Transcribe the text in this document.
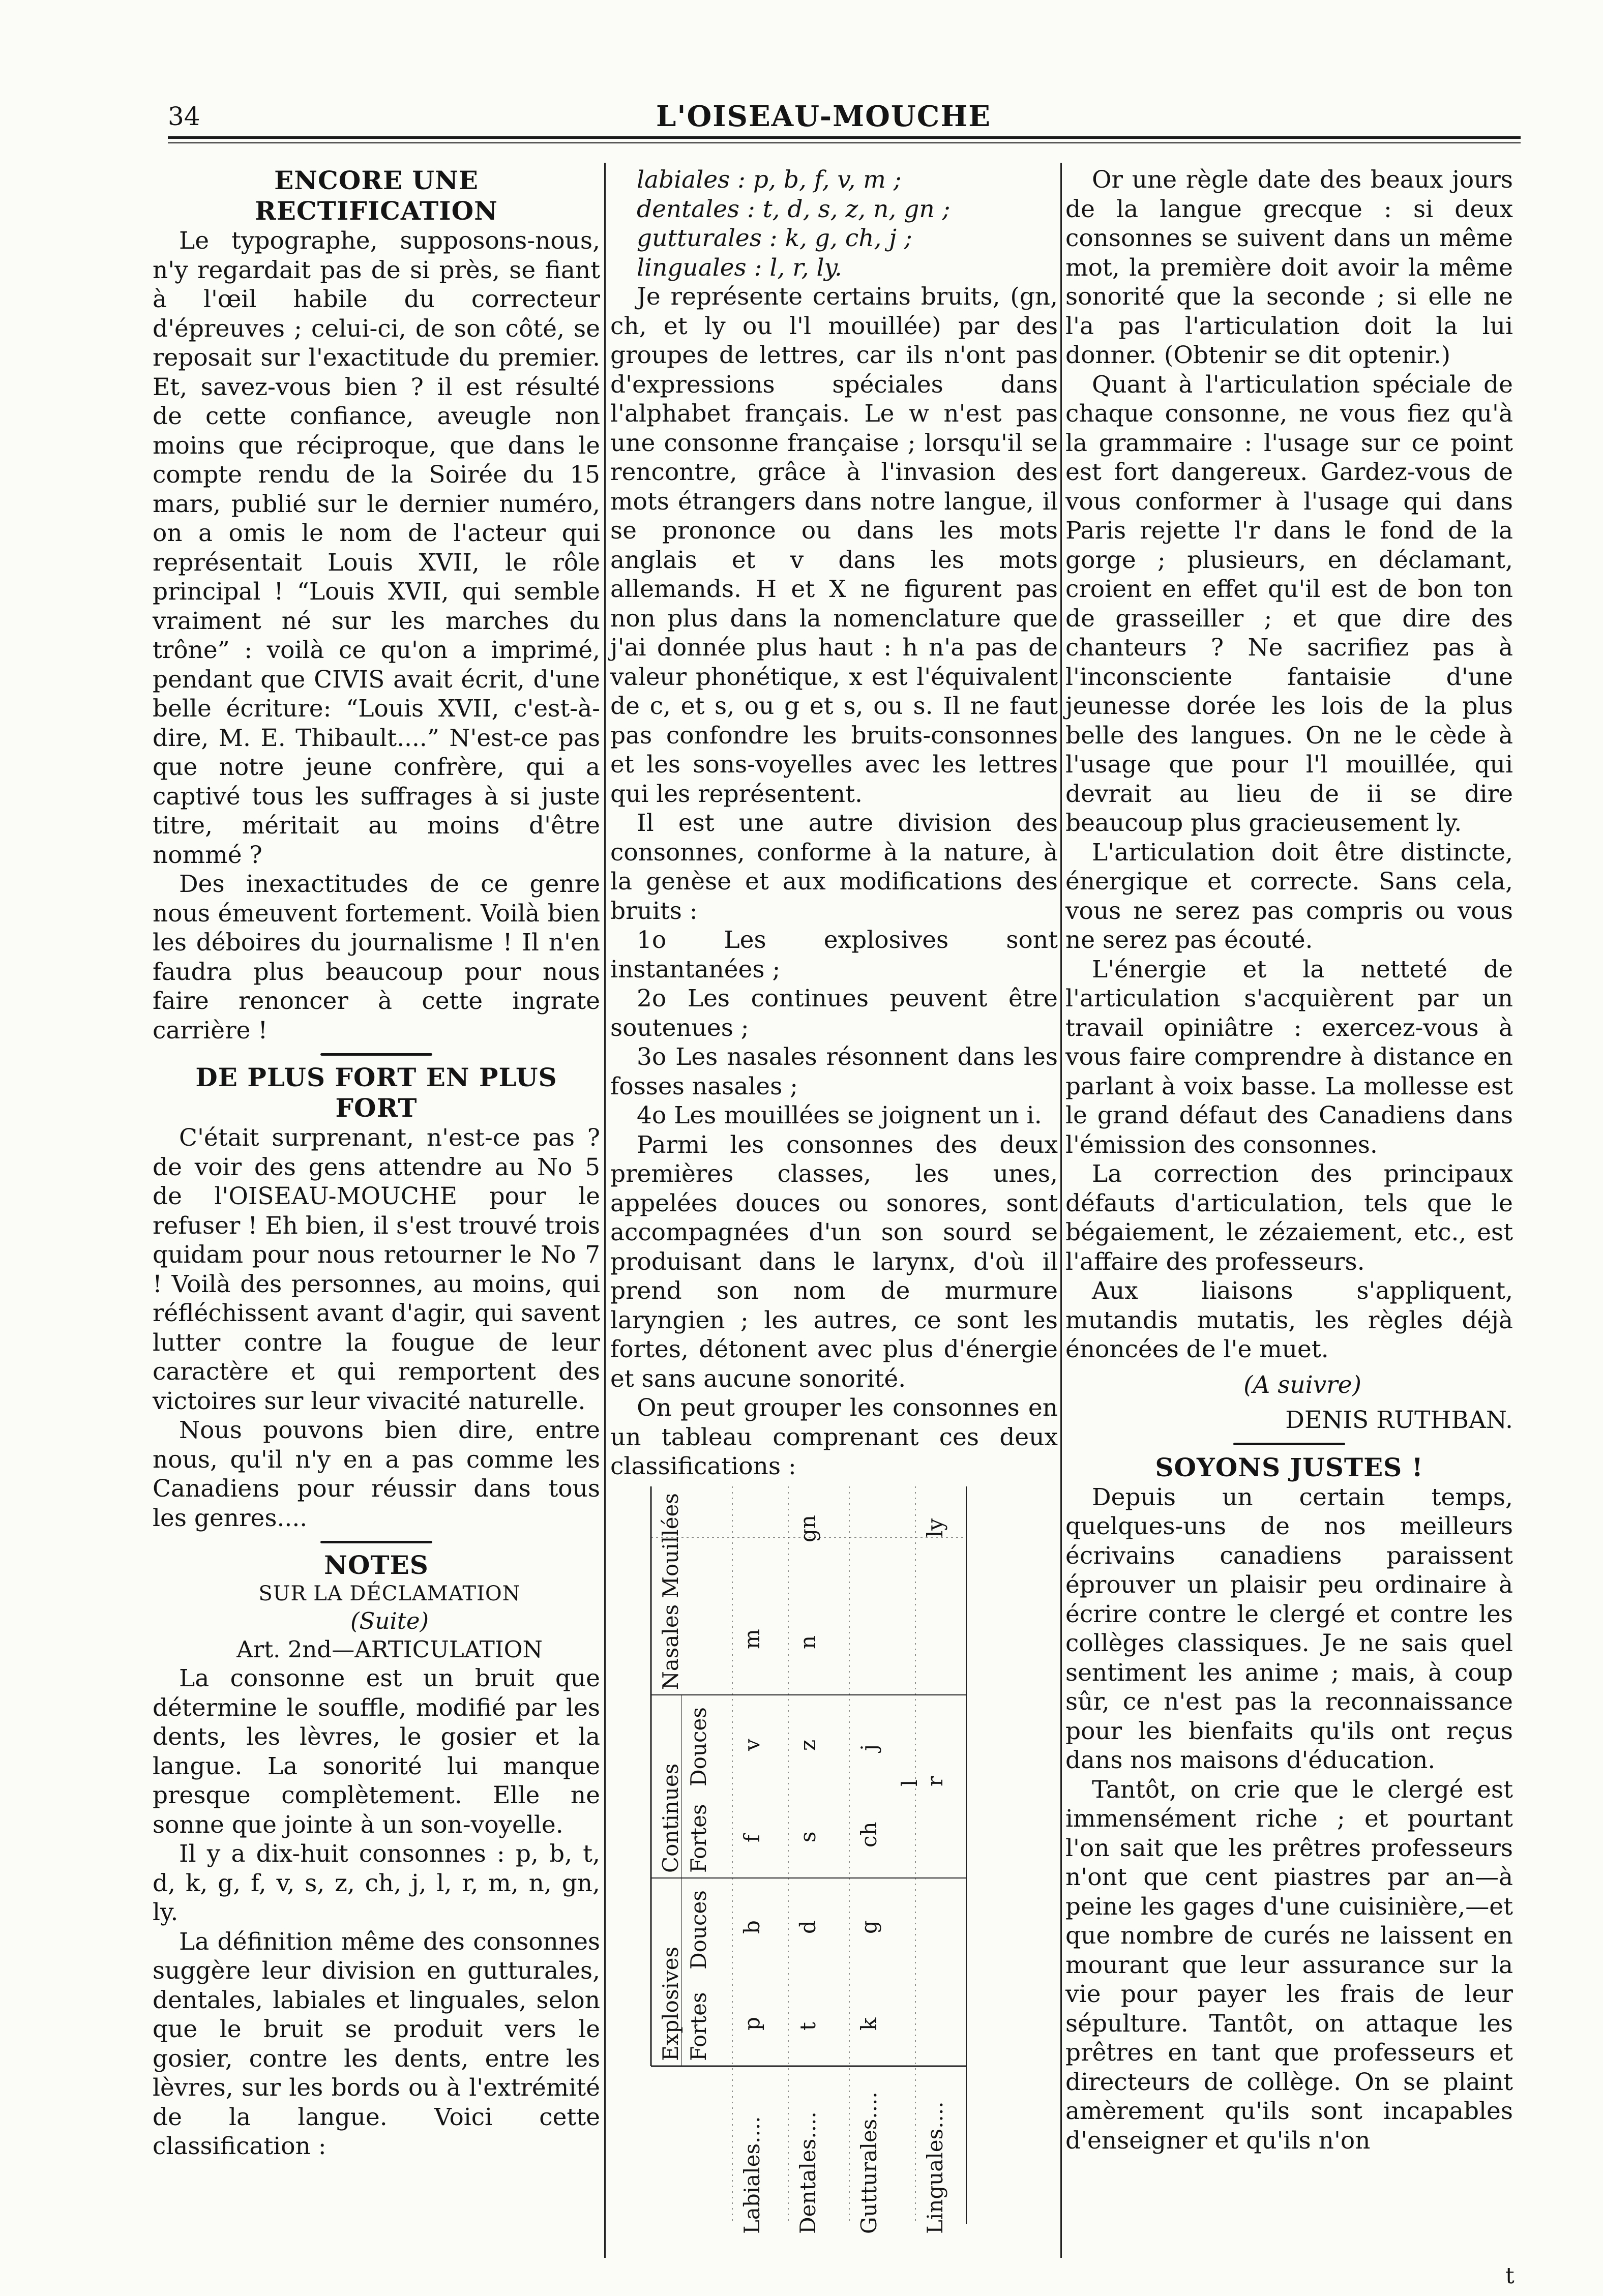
34	L'OISEAU-MOUCHE
ENCORE UNE RECTIFICATION

Le typographe, supposons-nous, n'y regardait pas de si près, se fiant à l'œil habile du correcteur d'épreuves ; celui-ci, de son côté, se reposait sur l'exactitude du premier. Et, savez-vous bien ? il est résulté de cette confiance, aveugle non moins que réciproque, que dans le compte rendu de la Soirée du 15 mars, publié sur le dernier numéro, on a omis le nom de l'acteur qui représentait Louis XVII, le rôle principal ! “Louis XVII, qui semble vraiment né sur les marches du trône” : voilà ce qu'on a imprimé, pendant que CIVIS avait écrit, d'une belle écriture: “Louis XVII, c'est-à-dire, M. E. Thibault....” N'est-ce pas que notre jeune confrère, qui a captivé tous les suffrages à si juste titre, méritait au moins d'être nommé ?

Des inexactitudes de ce genre nous émeuvent fortement. Voilà bien les déboires du journalisme ! Il n'en faudra plus beaucoup pour nous faire renoncer à cette ingrate carrière !

DE PLUS FORT EN PLUS FORT

C'était surprenant, n'est-ce pas ? de voir des gens attendre au No 5 de l'OISEAU-MOUCHE pour le refuser ! Eh bien, il s'est trouvé trois quidam pour nous retourner le No 7 ! Voilà des personnes, au moins, qui réfléchissent avant d'agir, qui savent lutter contre la fougue de leur caractère et qui remportent des victoires sur leur vivacité naturelle.

Nous pouvons bien dire, entre nous, qu'il n'y en a pas comme les Canadiens pour réussir dans tous les genres....

NOTES

SUR LA DÉCLAMATION

(Suite)

Art. 2nd—ARTICULATION

La consonne est un bruit que détermine le souffle, modifié par les dents, les lèvres, le gosier et la langue. La sonorité lui manque presque complètement. Elle ne sonne que jointe à un son-voyelle.

Il y a dix-huit consonnes : p, b, t, d, k, g, f, v, s, z, ch, j, l, r, m, n, gn, ly.

La définition même des consonnes suggère leur division en gutturales, dentales, labiales et linguales, selon que le bruit se produit vers le gosier, contre les dents, entre les lèvres, sur les bords ou à l'extrémité de la langue. Voici cette classification :

labiales : p, b, f, v, m ;

dentales : t, d, s, z, n, gn ;

gutturales : k, g, ch, j ;

linguales : l, r, ly.

Je représente certains bruits, (gn, ch, et ly ou l'l mouillée) par des groupes de lettres, car ils n'ont pas d'expressions spéciales dans l'alphabet français. Le w n'est pas une consonne française ; lorsqu'il se rencontre, grâce à l'invasion des mots étrangers dans notre langue, il se prononce ou dans les mots anglais et v dans les mots allemands. H et X ne figurent pas non plus dans la nomenclature que j'ai donnée plus haut : h n'a pas de valeur phonétique, x est l'équivalent de c, et s, ou g et s, ou s. Il ne faut pas confondre les bruits-consonnes et les sons-voyelles avec les lettres qui les représentent.

Il est une autre division des consonnes, conforme à la nature, à la genèse et aux modifications des bruits :

1o Les explosives sont instantanées ;

2o Les continues peuvent être soutenues ;

3o Les nasales résonnent dans les fosses nasales ;

4o Les mouillées se joignent un i.

Parmi les consonnes des deux premières classes, les unes, appelées douces ou sonores, sont accompagnées d'un son sourd se produisant dans le larynx, d'où il prend son nom de murmure laryngien ; les autres, ce sont les fortes, détonent avec plus d'énergie et sans aucune sonorité.

On peut grouper les consonnes en un tableau comprenant ces deux classifications :

Explosives
Continues
Nasales
Mouillées
Fortes
Douces
Fortes
Douces
Labiales.... Dentales.... Gutturales.... Linguales....
p
b
f
v
m
t
d
s
z
n
gn
k
g
ch
j
l r
ly

Or une règle date des beaux jours de la langue grecque : si deux consonnes se suivent dans un même mot, la première doit avoir la même sonorité que la seconde ; si elle ne l'a pas l'articulation doit la lui donner. (Obtenir se dit optenir.)

Quant à l'articulation spéciale de chaque consonne, ne vous fiez qu'à la grammaire : l'usage sur ce point est fort dangereux. Gardez-vous de vous conformer à l'usage qui dans Paris rejette l'r dans le fond de la gorge ; plusieurs, en déclamant, croient en effet qu'il est de bon ton de grasseiller ; et que dire des chanteurs ? Ne sacrifiez pas à l'inconsciente fantaisie d'une jeunesse dorée les lois de la plus belle des langues. On ne le cède à l'usage que pour l'l mouillée, qui devrait au lieu de ii se dire beaucoup plus gracieusement ly.

L'articulation doit être distincte, énergique et correcte. Sans cela, vous ne serez pas compris ou vous ne serez pas écouté.

L'énergie et la netteté de l'articulation s'acquièrent par un travail opiniâtre : exercez-vous à vous faire comprendre à distance en parlant à voix basse. La mollesse est le grand défaut des Canadiens dans l'émission des consonnes.

La correction des principaux défauts d'articulation, tels que le bégaiement, le zézaiement, etc., est l'affaire des professeurs.

Aux liaisons s'appliquent, mutandis mutatis, les règles déjà énoncées de l'e muet.

(A suivre)

DENIS RUTHBAN.

SOYONS JUSTES !

Depuis un certain temps, quelques-uns de nos meilleurs écrivains canadiens paraissent éprouver un plaisir peu ordinaire à écrire contre le clergé et contre les collèges classiques. Je ne sais quel sentiment les anime ; mais, à coup sûr, ce n'est pas la reconnaissance pour les bienfaits qu'ils ont reçus dans nos maisons d'éducation.

Tantôt, on crie que le clergé est immensément riche ; et pourtant l'on sait que les prêtres professeurs n'ont que cent piastres par an—à peine les gages d'une cuisinière,—et que nombre de curés ne laissent en mourant que leur assurance sur la vie pour payer les frais de leur sépulture. Tantôt, on attaque les prêtres en tant que professeurs et directeurs de collège. On se plaint amèrement qu'ils sont incapables d'enseigner et qu'ils n'on

t
